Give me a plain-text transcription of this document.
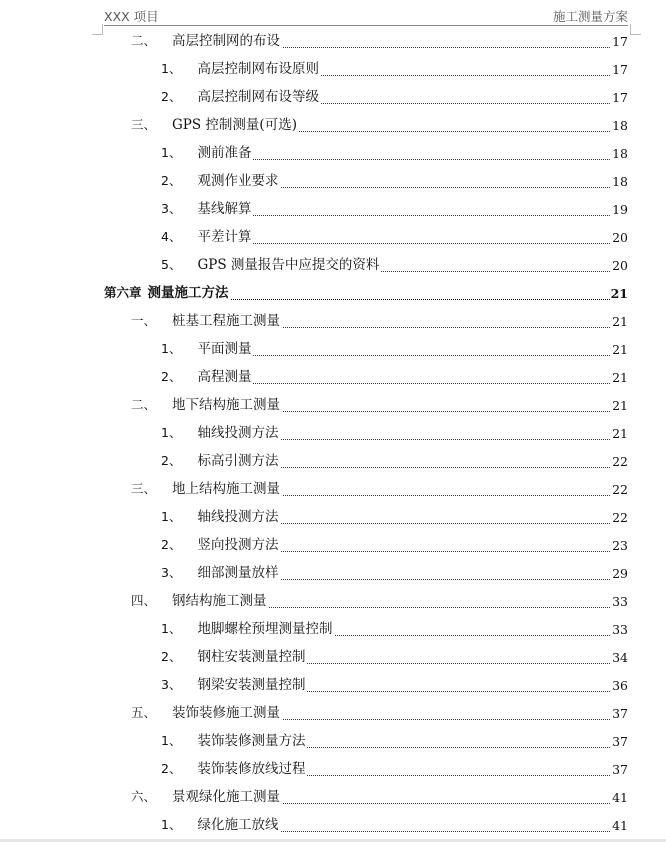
XXX 项目	施工测量方案
二、 高层控制网的布设	17
1、 高层控制网布设原则	17
2、 高层控制网布设等级	17
三、 GPS 控制测量(可选)	18
1、 测前准备	18
2、 观测作业要求	18
3、 基线解算	19
4、 平差计算	20
5、 GPS 测量报告中应提交的资料	20
第六章 测量施工方法	21
一、 桩基工程施工测量	21
1、 平面测量	21
2、 高程测量	21
二、 地下结构施工测量	21
1、 轴线投测方法	21
2、 标高引测方法	22
三、 地上结构施工测量	22
1、 轴线投测方法	22
2、 竖向投测方法	23
3、 细部测量放样	29
四、 钢结构施工测量	33
1、 地脚螺栓预埋测量控制	33
2、 钢柱安装测量控制	34
3、 钢梁安装测量控制	36
五、 装饰装修施工测量	37
1、 装饰装修测量方法	37
2、 装饰装修放线过程	37
六、 景观绿化施工测量	41
1、 绿化施工放线	41
